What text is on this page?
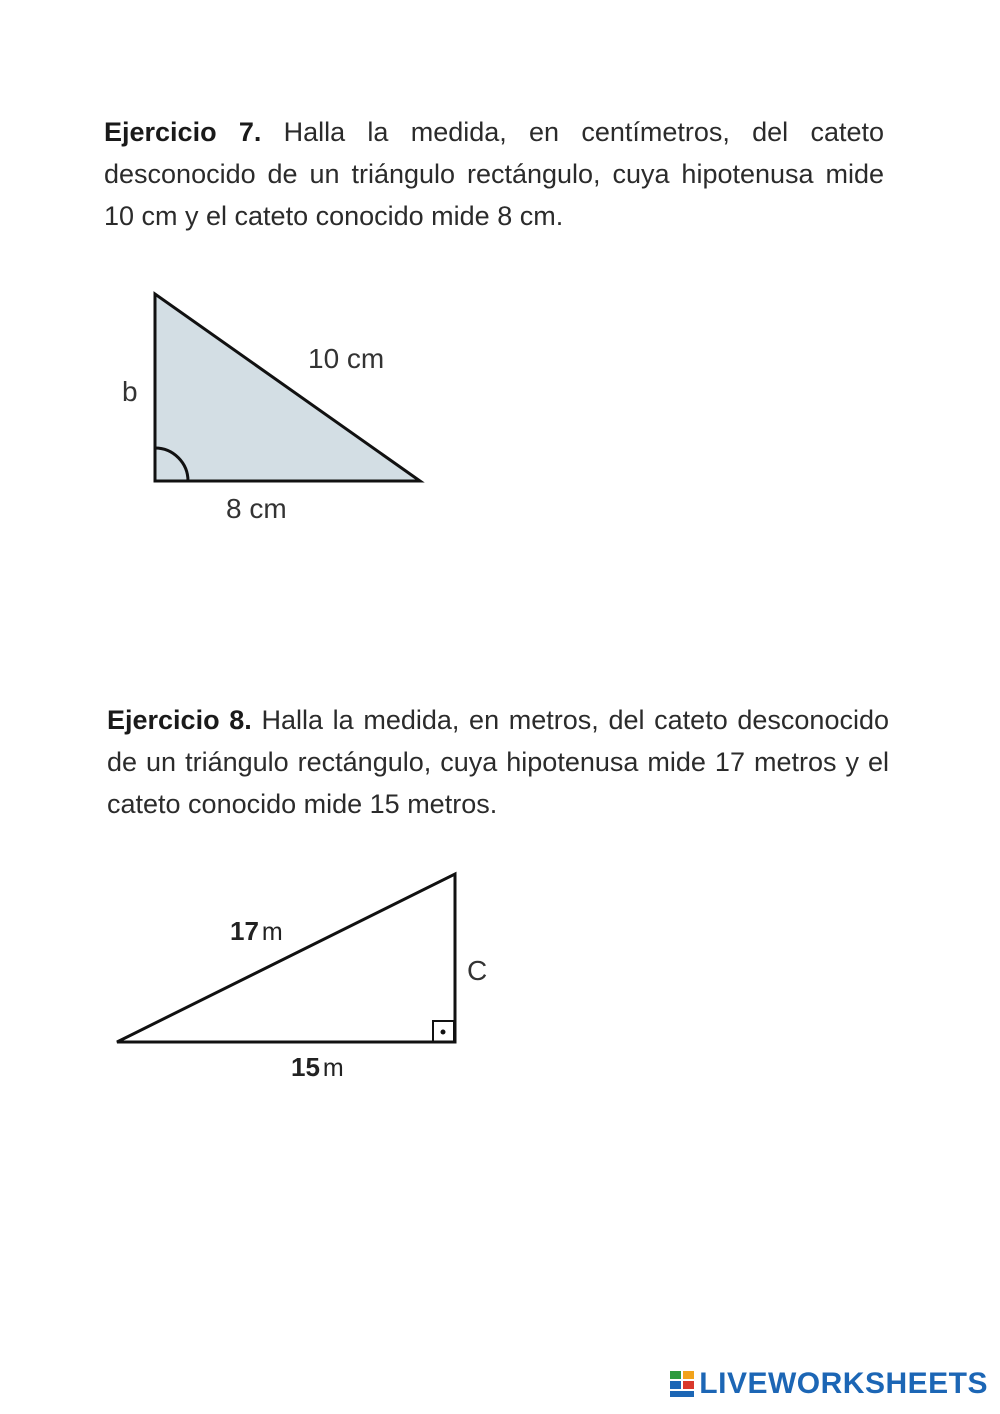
Ejercicio 7. Halla la medida, en centímetros, del cateto desconocido de un triángulo rectángulo, cuya hipotenusa mide 10 cm y el cateto conocido mide 8 cm.
10 cm
b
8 cm
Ejercicio 8. Halla la medida, en metros, del cateto desconocido de un triángulo rectángulo, cuya hipotenusa mide 17 metros y el cateto conocido mide 15 metros.
17 m
C
15 m
LIVEWORKSHEETS
